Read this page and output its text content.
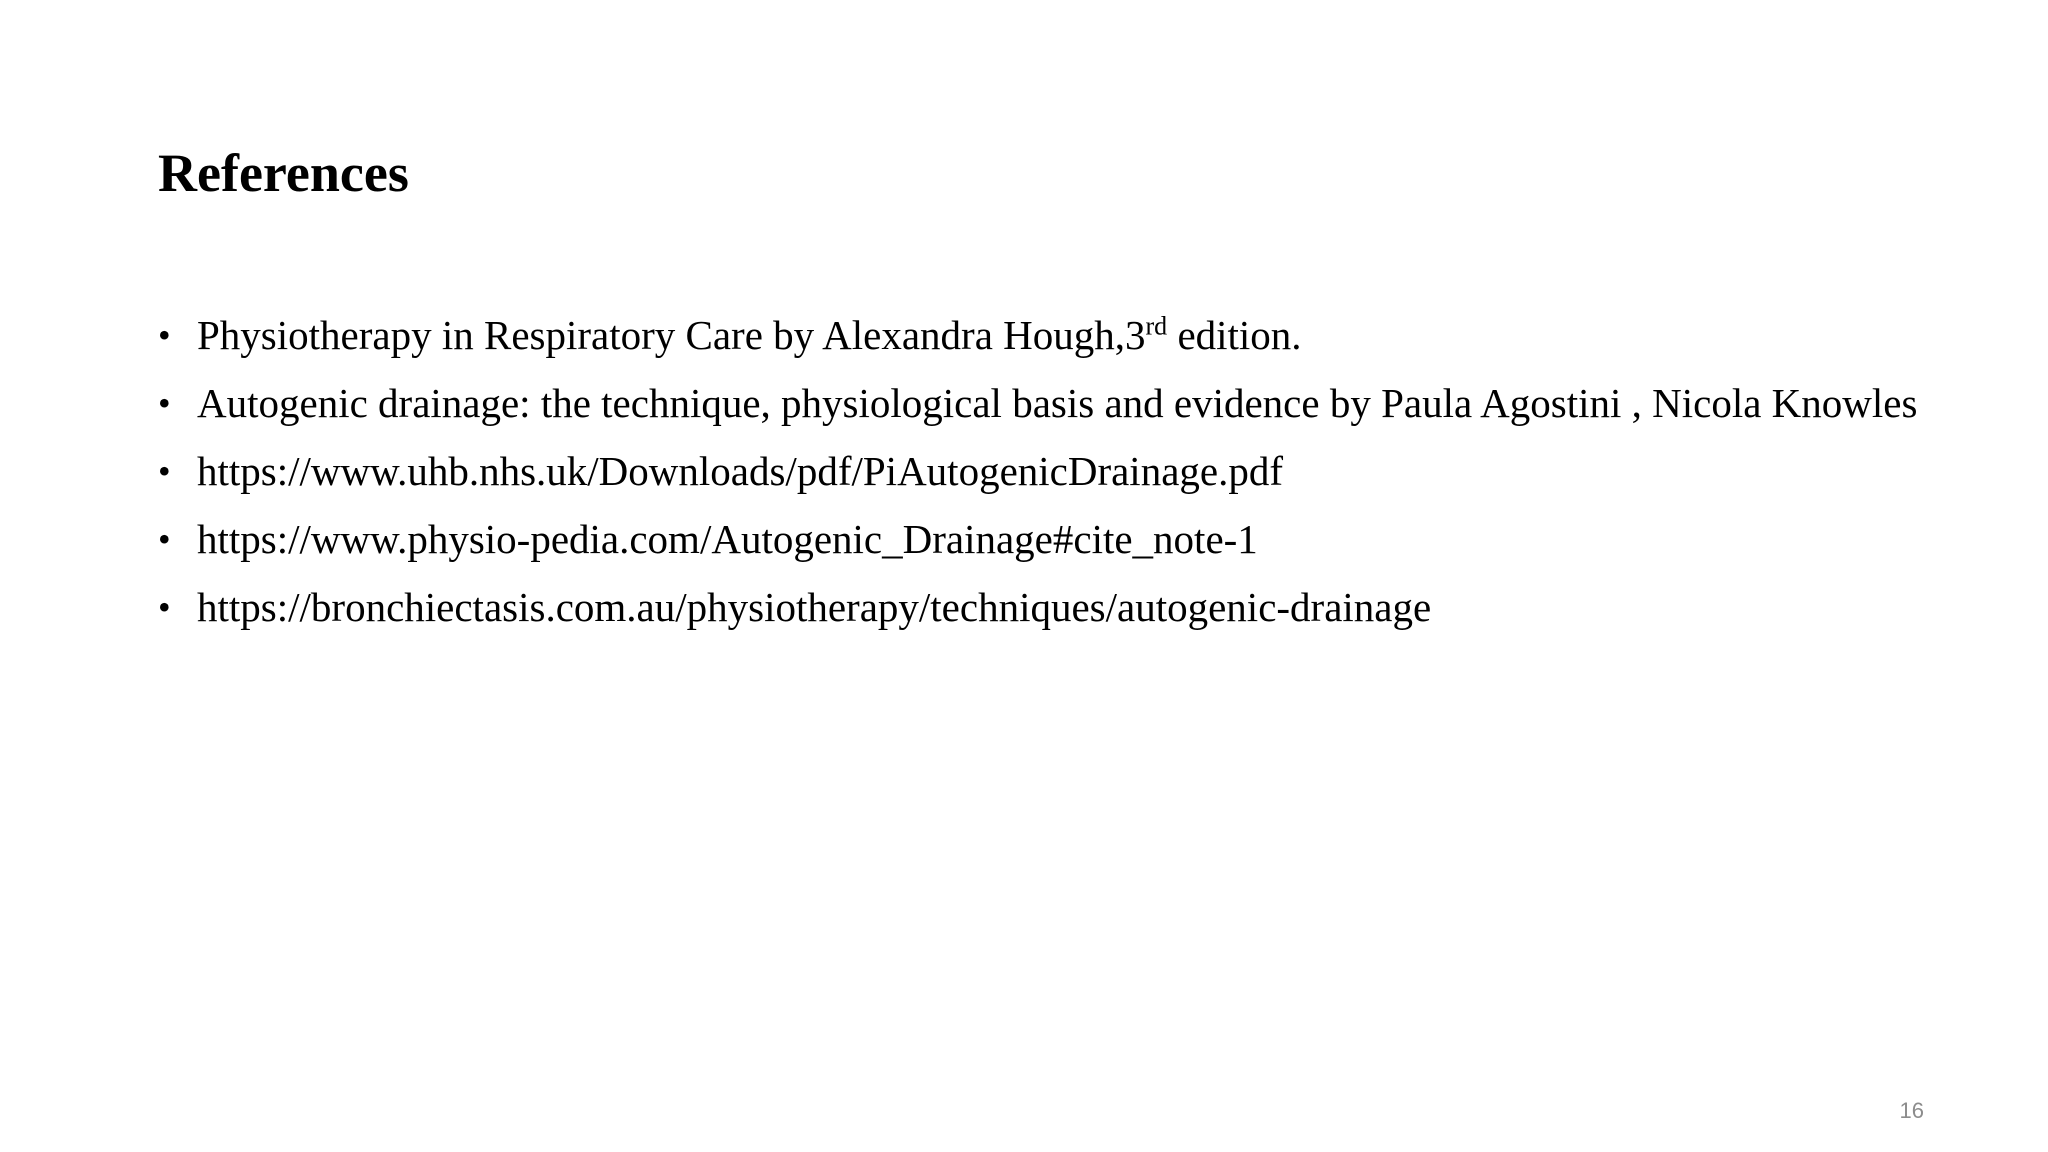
References
• Physiotherapy in Respiratory Care by Alexandra Hough,3rd edition.
• Autogenic drainage: the technique, physiological basis and evidence by Paula Agostini , Nicola Knowles
• https://www.uhb.nhs.uk/Downloads/pdf/PiAutogenicDrainage.pdf
• https://www.physio-pedia.com/Autogenic_Drainage#cite_note-1
• https://bronchiectasis.com.au/physiotherapy/techniques/autogenic-drainage
16
